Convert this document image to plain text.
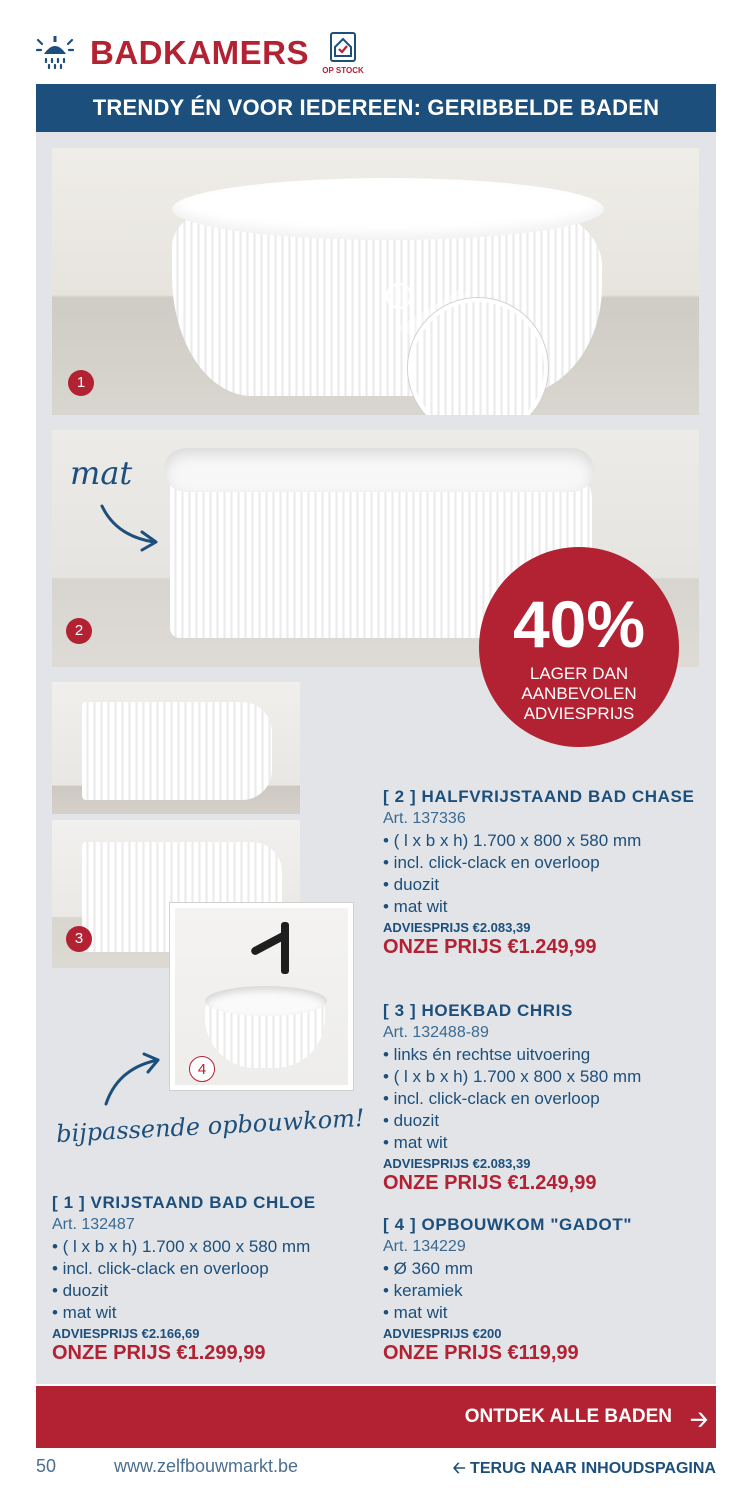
BADKAMERS OP STOCK
TRENDY ÉN VOOR IEDEREEN: GERIBBELDE BADEN
1
2
mat
40%
LAGER DAN
AANBEVOLEN
ADVIESPRIJS
3
4
bijpassende opbouwkom!
[ 2 ] HALFVRIJSTAAND BAD CHASE
Art. 137336
• ( l x b x h) 1.700 x 800 x 580 mm
• incl. click-clack en overloop
• duozit
• mat wit
ADVIESPRIJS €2.083,39
ONZE PRIJS €1.249,99
[ 3 ] HOEKBAD CHRIS
Art. 132488-89
• links én rechtse uitvoering
• ( l x b x h) 1.700 x 800 x 580 mm
• incl. click-clack en overloop
• duozit
• mat wit
ADVIESPRIJS €2.083,39
ONZE PRIJS €1.249,99
[ 4 ] OPBOUWKOM "GADOT"
Art. 134229
• Ø 360 mm
• keramiek
• mat wit
ADVIESPRIJS €200
ONZE PRIJS €119,99
[ 1 ] VRIJSTAAND BAD CHLOE
Art. 132487
• ( l x b x h) 1.700 x 800 x 580 mm
• incl. click-clack en overloop
• duozit
• mat wit
ADVIESPRIJS €2.166,69
ONZE PRIJS €1.299,99
ONTDEK ALLE BADEN 🡢
50	www.zelfbouwmarkt.be	🡠 TERUG NAAR INHOUDSPAGINA
